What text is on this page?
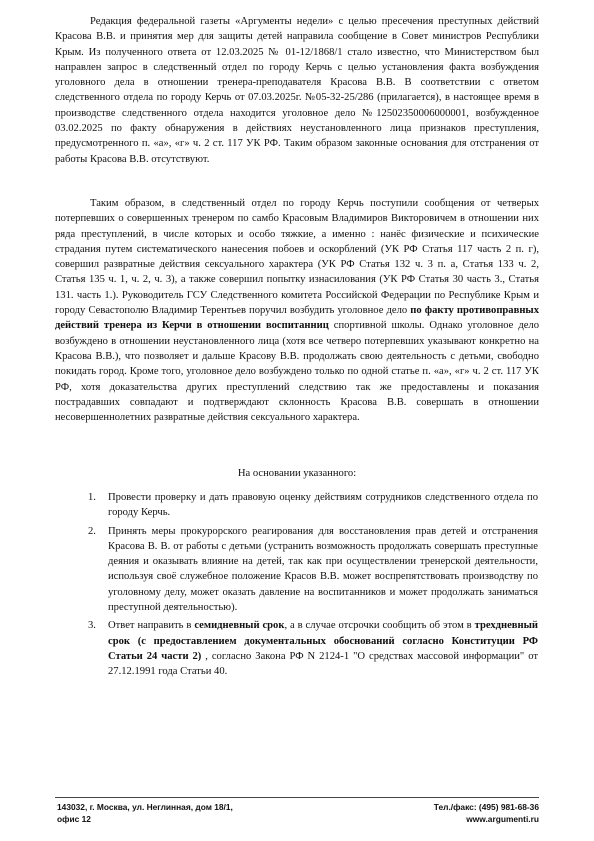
Редакция федеральной газеты «Аргументы недели» с целью пресечения преступных действий Красова В.В. и принятия мер для защиты детей направила сообщение в Совет министров Республики Крым. Из полученного ответа от 12.03.2025 № 01-12/1868/1 стало известно, что Министерством был направлен запрос в следственный отдел по городу Керчь с целью установления факта возбуждения уголовного дела в отношении тренера-преподавателя Красова В.В. В соответствии с ответом следственного отдела по городу Керчь от 07.03.2025г. №05-32-25/286 (прилагается), в настоящее время в производстве следственного отдела находится уголовное дело №12502350006000001, возбужденное 03.02.2025 по факту обнаружения в действиях неустановленного лица признаков преступления, предусмотренного п. «а», «г» ч. 2 ст. 117 УК РФ. Таким образом законные основания для отстранения от работы Красова В.В. отсутствуют.

Таким образом, в следственный отдел по городу Керчь поступили сообщения от четверых потерпевших о совершенных тренером по самбо Красовым Владимиров Викторовичем в отношении них ряда преступлений, в числе которых и особо тяжкие, а именно : нанёс физические и психические страдания путем систематического нанесения побоев и оскорблений (УК РФ Статья 117 часть 2 п. г), совершил развратные действия сексуального характера (УК РФ Статья 132 ч. 3 п. а, Статья 133 ч. 2, Статья 135 ч. 1, ч. 2, ч. 3), а также совершил попытку изнасилования (УК РФ Статья 30 часть 3., Статья 131. часть 1.). Руководитель ГСУ Следственного комитета Российской Федерации по Республике Крым и городу Севастополю Владимир Терентьев поручил возбудить уголовное дело по факту противоправных действий тренера из Керчи в отношении воспитанниц спортивной школы. Однако уголовное дело возбуждено в отношении неустановленного лица (хотя все четверо потерпевших указывают конкретно на Красова В.В.), что позволяет и дальше Красову В.В. продолжать свою деятельность с детьми, свободно покидать город. Кроме того, уголовное дело возбуждено только по одной статье п. «а», «г» ч. 2 ст. 117 УК РФ, хотя доказательства других преступлений следствию так же предоставлены и показания пострадавших совпадают и подтверждают склонность Красова В.В. совершать в отношении несовершеннолетних развратные действия сексуального характера.

На основании указанного:

1. Провести проверку и дать правовую оценку действиям сотрудников следственного отдела по городу Керчь.
2. Принять меры прокурорского реагирования для восстановления прав детей и отстранения Красова В. В. от работы с детьми (устранить возможность продолжать совершать преступные деяния и оказывать влияние на детей, так как при осуществлении тренерской деятельности, используя своё служебное положение Красов В.В. может воспрепятствовать производству по уголовному делу, может оказать давление на воспитанников и может продолжать заниматься преступной деятельностью).
3. Ответ направить в семидневный срок, а в случае отсрочки сообщить об этом в трехдневный срок (с предоставлением документальных обоснований согласно Конституции РФ Статьи 24 части 2) , согласно Закона РФ N 2124-1 "О средствах массовой информации" от 27.12.1991 года Статьи 40.
143032, г. Москва, ул. Неглинная, дом 18/1,
офис 12
Тел./факс: (495) 981-68-36
www.argumenti.ru
